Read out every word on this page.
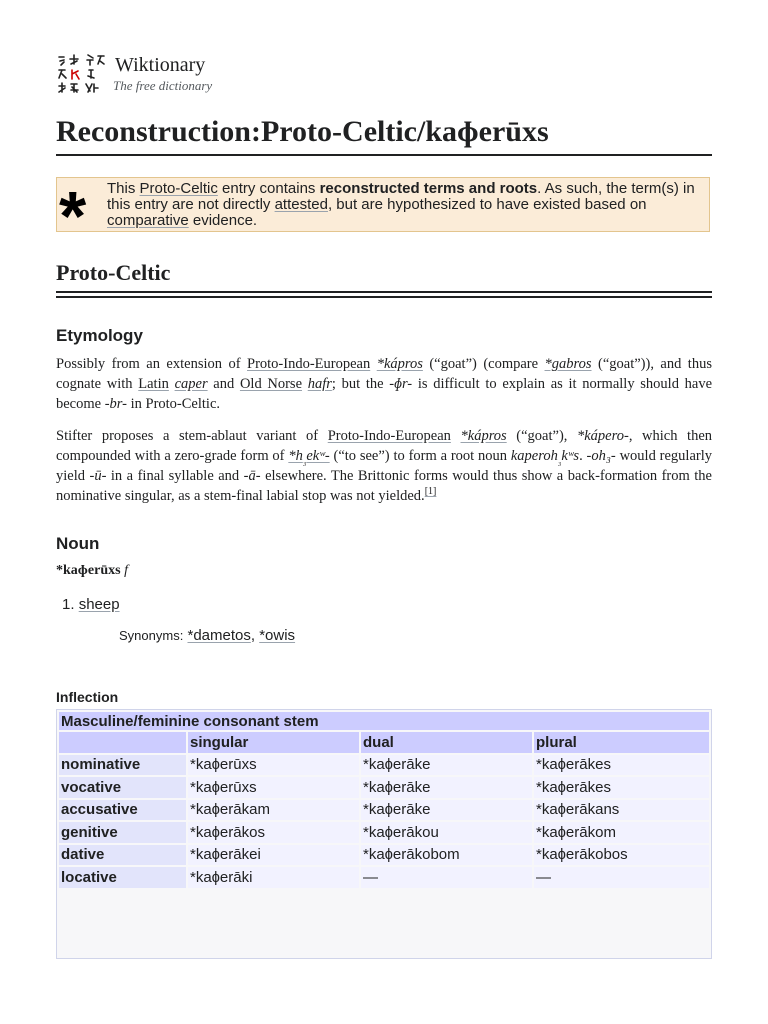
Wiktionary
The free dictionary
Reconstruction:Proto-Celtic/kaɸerūxs
* This Proto-Celtic entry contains reconstructed terms and roots. As such, the term(s) in this entry are not directly attested, but are hypothesized to have existed based on comparative evidence.
Proto-Celtic
Etymology
Possibly from an extension of Proto-Indo-European *kápros (“goat”) (compare *gabros (“goat”)), and thus cognate with Latin caper and Old Norse hafr; but the -ɸr- is difficult to explain as it normally should have become -br- in Proto-Celtic.
Stifter proposes a stem-ablaut variant of Proto-Indo-European *kápros (“goat”), *kápero-, which then compounded with a zero-grade form of $*h_{_3}ekʷ-$ (“to see”) to form a root noun kaperoh$_{_3}$kʷs. -oh₃- would regularly yield -ū- in a final syllable and -ā- elsewhere. The Brittonic forms would thus show a back-formation from the nominative singular, as a stem-final labial stop was not yielded.[1]
Noun
*kaɸerūxs f
1. sheep
Synonyms: *dametos, *owis
Inflection
Masculine/feminine consonant stem			
	singular	dual	plural
nominative	*kaɸerūxs	*kaɸerāke	*kaɸerākes
vocative	*kaɸerūxs	*kaɸerāke	*kaɸerākes
accusative	*kaɸerākam	*kaɸerāke	*kaɸerākans
genitive	*kaɸerākos	*kaɸerākou	*kaɸerākom
dative	*kaɸerākei	*kaɸerākobom	*kaɸerākobos
locative	*kaɸerāki	—	—
